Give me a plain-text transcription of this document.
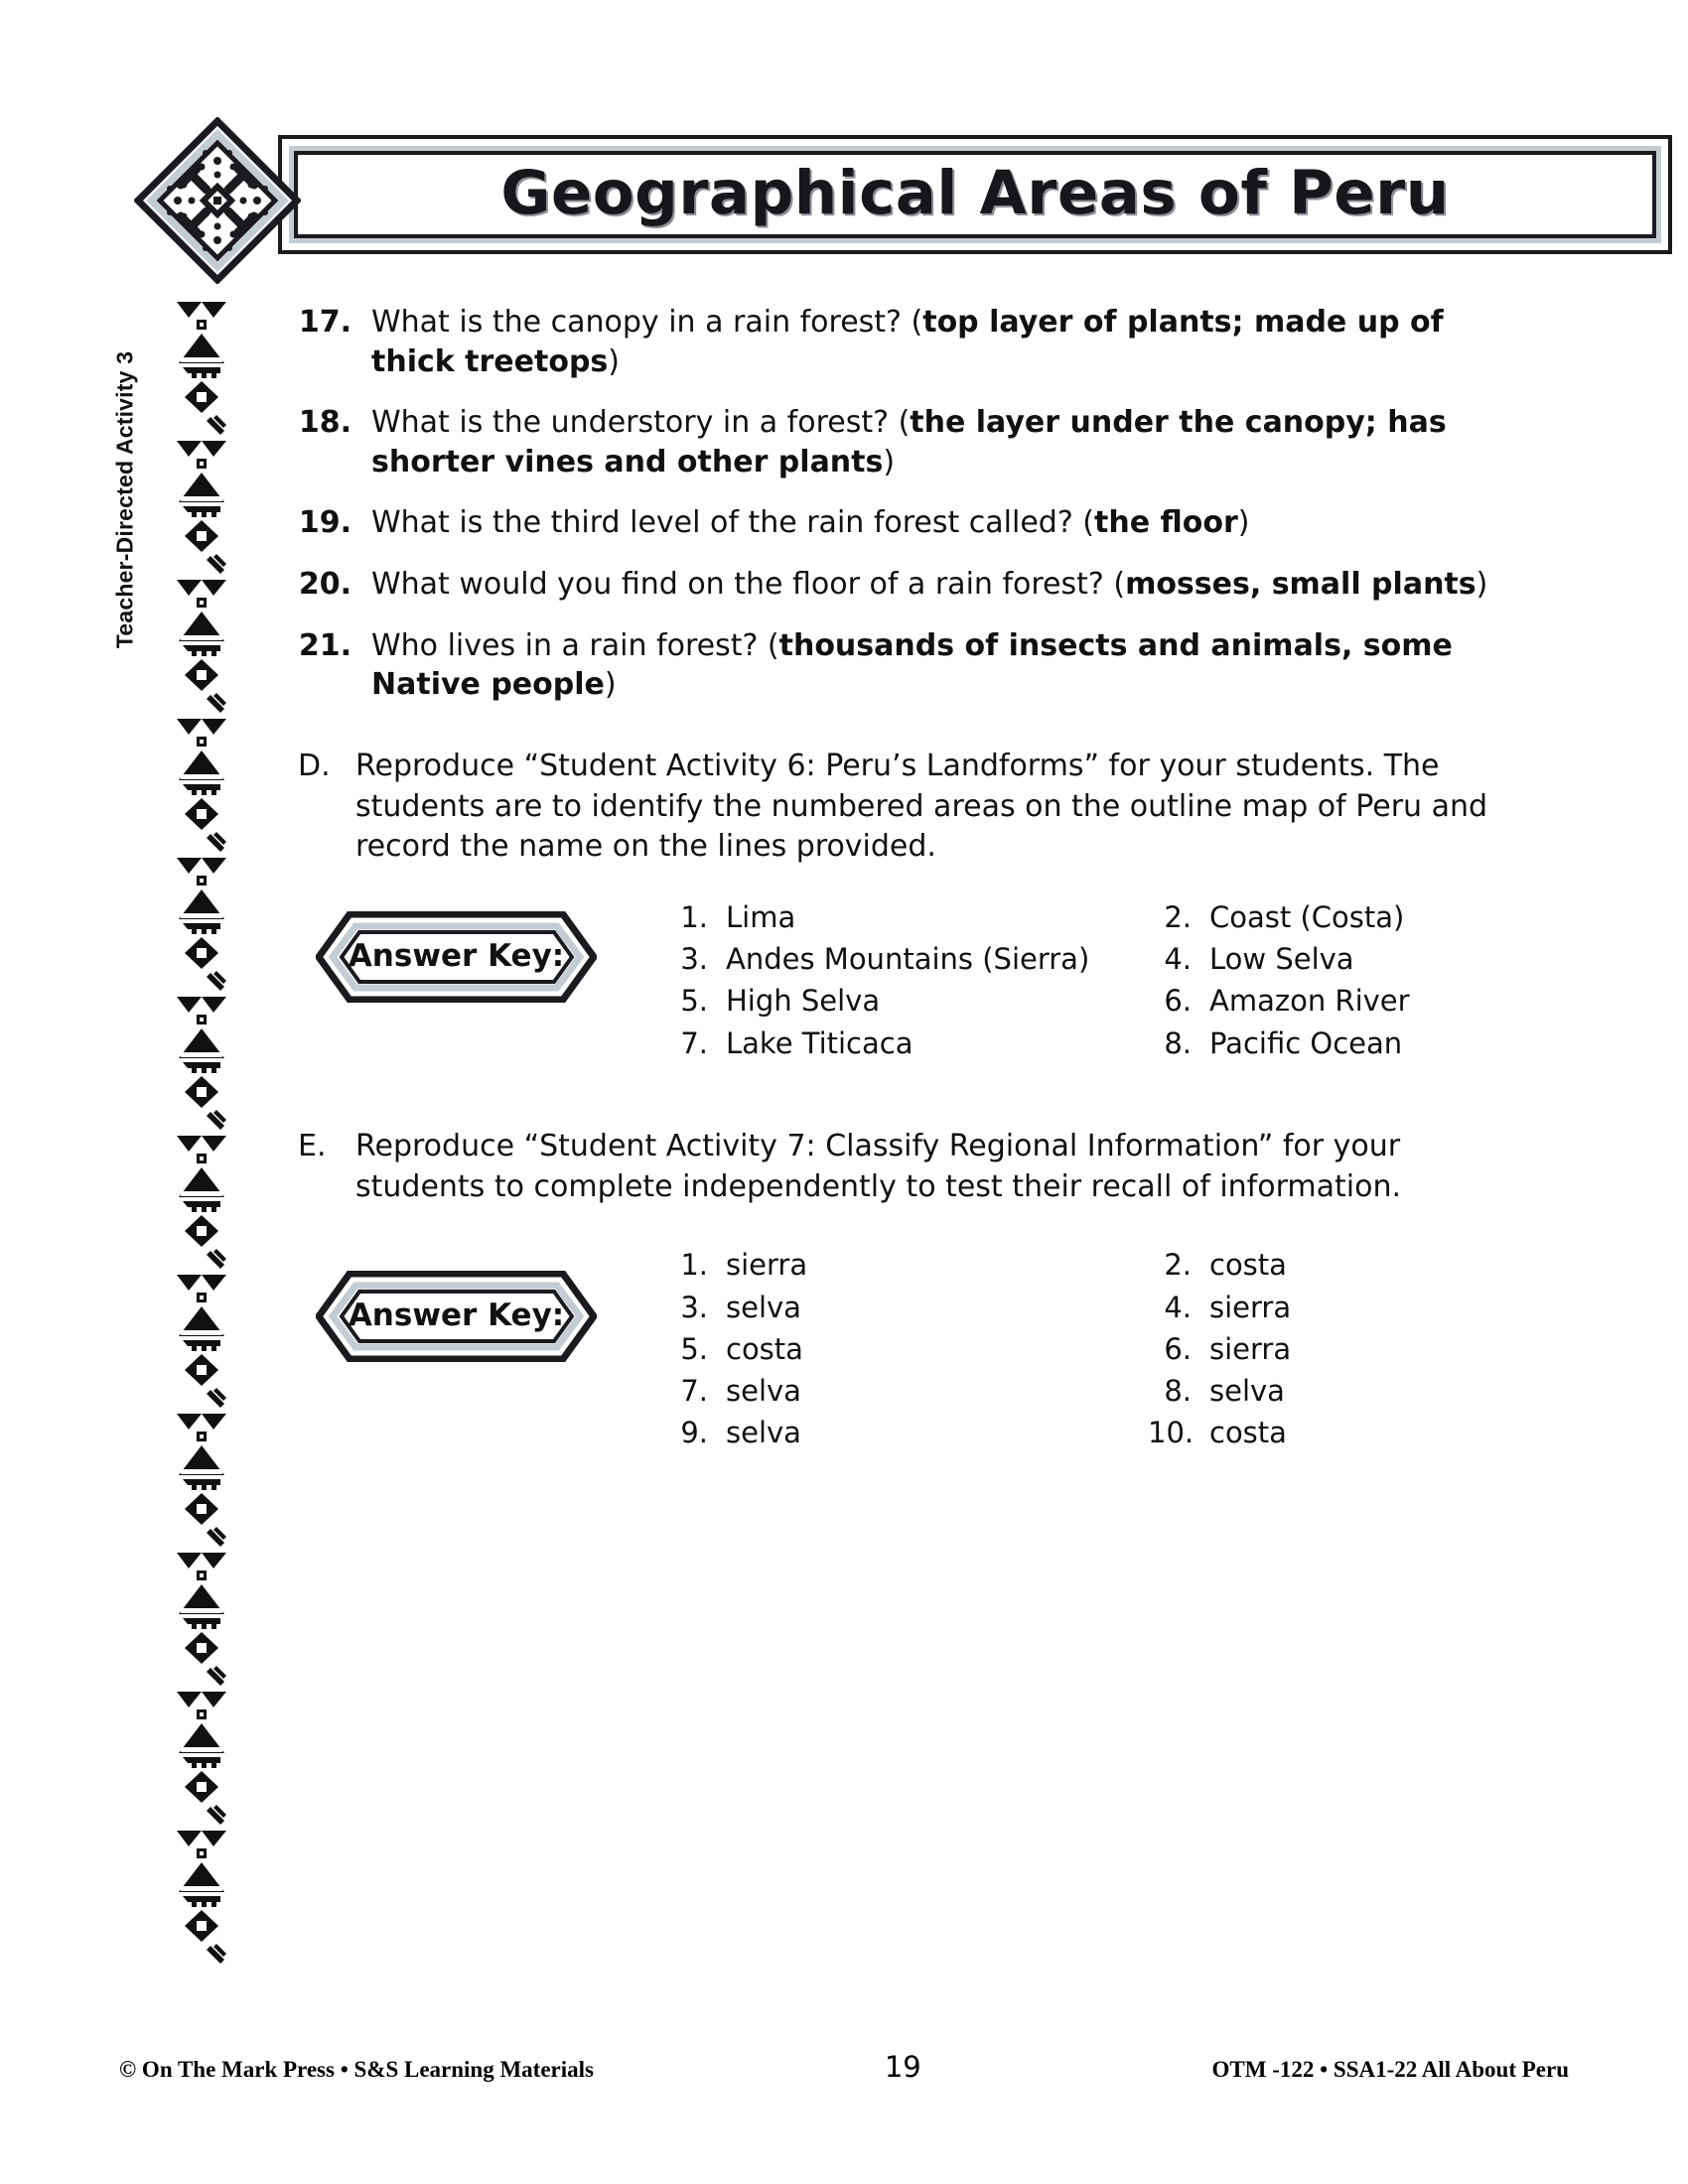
Geographical Areas of Peru
Teacher-Directed Activity 3
17. What is the canopy in a rain forest? (top layer of plants; made up of thick treetops)
18. What is the understory in a forest? (the layer under the canopy; has shorter vines and other plants)
19. What is the third level of the rain forest called? (the floor)
20. What would you find on the floor of a rain forest? (mosses, small plants)
21. Who lives in a rain forest? (thousands of insects and animals, some Native people)
D. Reproduce “Student Activity 6: Peru’s Landforms” for your students. The students are to identify the numbered areas on the outline map of Peru and record the name on the lines provided.
Answer Key:
1. Lima	2. Coast (Costa)
3. Andes Mountains (Sierra)	4. Low Selva
5. High Selva	6. Amazon River
7. Lake Titicaca	8. Pacific Ocean
E. Reproduce “Student Activity 7: Classify Regional Information” for your students to complete independently to test their recall of information.
Answer Key:
1. sierra	2. costa
3. selva	4. sierra
5. costa	6. sierra
7. selva	8. selva
9. selva	10. costa
© On The Mark Press • S&S Learning Materials	19	OTM -122 • SSA1-22 All About Peru
